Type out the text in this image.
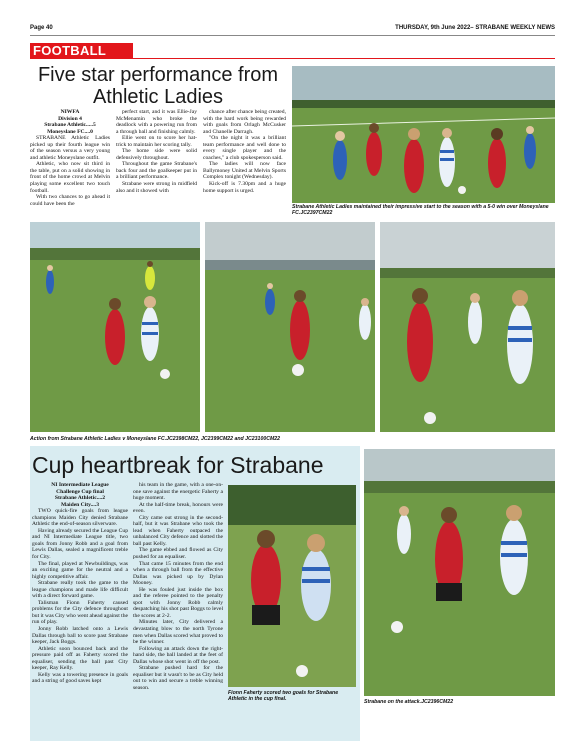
Page 40	THURSDAY, 9th June 2022– STRABANE WEEKLY NEWS
FOOTBALL
Five star performance from Athletic Ladies

NIWFA

Division 4

Strabane Athletic.....5

Moneyslane FC....0

STRABANE Athletic Ladies picked up their fourth league win of the season versus a very young and athletic Moneyslane outfit.

Athletic, who now sit third in the table, put on a solid showing in front of the home crowd at Melvin playing some excellent two touch football.

With two chances to go ahead it could have been the

perfect start, and it was Ellie-Jay McMenamin who broke the deadlock with a powering run from a through ball and finishing calmly.

Ellie went on to score her hat-trick to maintain her scoring tally.

The home side were solid defensively throughout.

Throughout the game Strabane's back four and the goalkeeper put in a brilliant performance.

Strabane were strong in midfield also and it showed with

chance after chance being created, with the hard work being rewarded with goals from Orlagh McCusker and Chanelle Darragh.

"On the night it was a brilliant team performance and well done to every single player and the coaches," a club spokesperson said.

The ladies will now face Ballymoney United at Melvin Sports Complex tonight (Wednesday).

Kick-off is 7.30pm and a huge home support is urged.

Strabane Athletic Ladies maintained their impressive start to the season with a 5-0 win over Moneyslane FC.JC2397CM22
Action from Strabane Athletic Ladies v Moneyslane FC.JC2398CM22, JC2399CM22 and JC23100CM22
Cup heartbreak for Strabane

NI Intermediate League

Challenge Cup final

Strabane Athletic....2

Maiden City....3

TWO quick-fire goals from league champions Maiden City denied Strabane Athletic the end-of-season silverware.

Having already secured the League Cup and NI Intermediate League title, two goals from Jonny Robb and a goal from Lewis Dallas, sealed a magnificent treble for City.

The final, played at Newbuildings, was an exciting game for the neutral and a highly competitive affair.

Strabane really took the game to the league champions and made life difficult with a direct forward game.

Talisman Fionn Faherty caused problems for the City defence throughout but it was City who went ahead against the run of play.

Jonny Robb latched onto a Lewis Dallas through ball to score past Strabane keeper, Jack Boggs.

Athletic soon bounced back and the pressure paid off as Faherty scored the equaliser, sending the ball past City keeper, Ray Kelly.

Kelly was a towering presence in goals and a string of good saves kept

his team in the game, with a one-on-one save against the energetic Faherty a huge moment.

At the half-time break, honours were even.

City came out strong in the second-half, but it was Strabane who took the lead when Faherty outpaced the unbalanced City defence and slotted the ball past Kelly.

The game ebbed and flowed as City pushed for an equaliser.

That came 15 minutes from the end when a through ball from the effective Dallas was picked up by Dylan Mooney.

He was fouled just inside the box and the referee pointed to the penalty spot with Jonny Robb calmly despatching his shot past Boggs to level the scores at 2-2.

Minutes later, City delivered a devastating blow to the north Tyrone men when Dallas scored what proved to be the winner.

Following an attack down the right-hand side, the ball landed at the feet of Dallas whose shot went in off the post.

Strabane pushed hard for the equaliser but it wasn't to be as City held out to win and secure a treble winning season.

Fionn Faherty scored two goals for Strabane Athletic in the cup final.	Strabane on the attack.JC2396CM22
